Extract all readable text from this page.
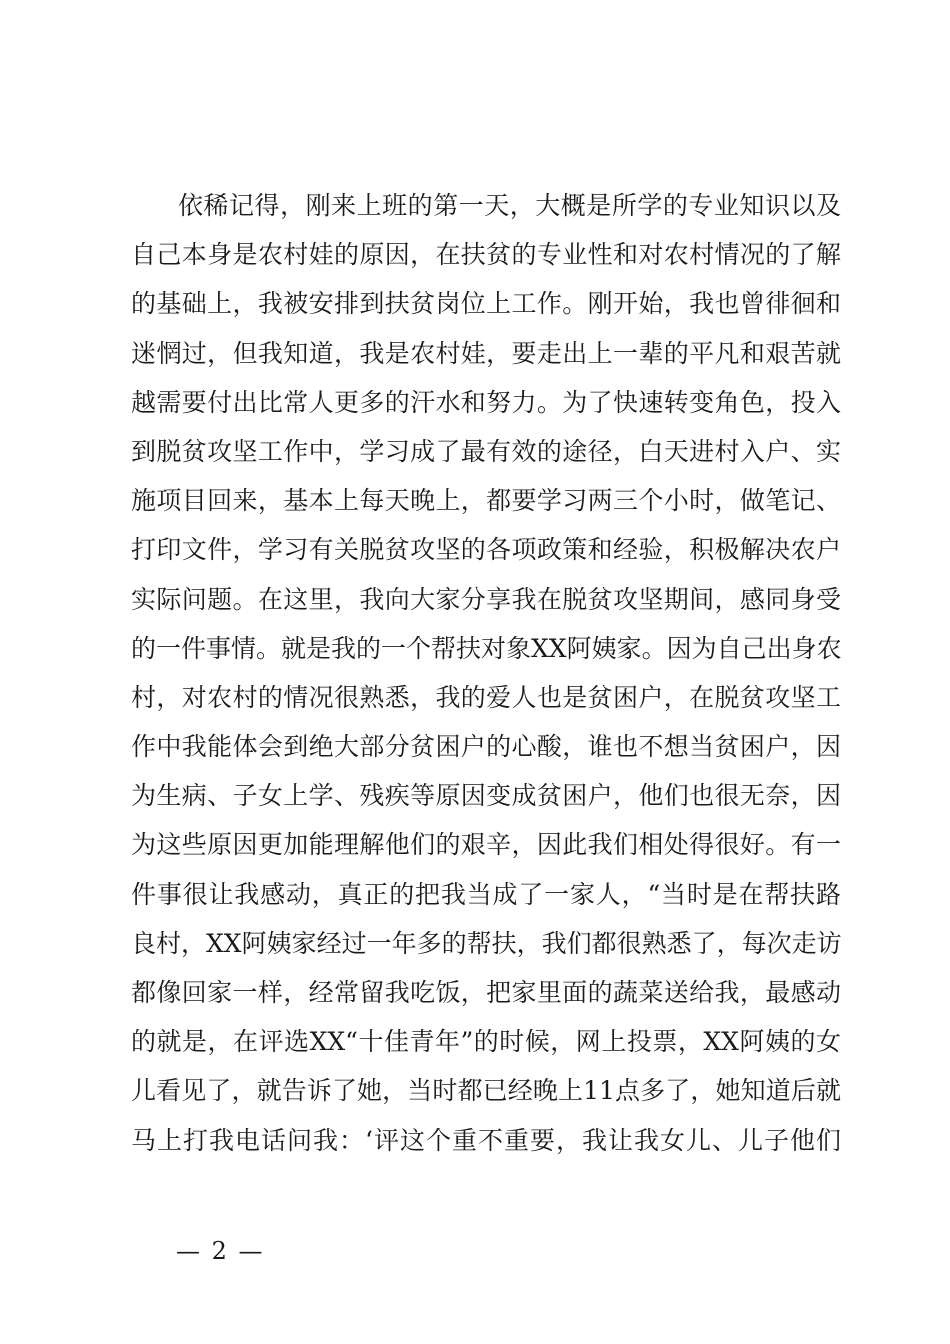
依稀记得，刚来上班的第一天，大概是所学的专业知识以及
自己本身是农村娃的原因，在扶贫的专业性和对农村情况的了解
的基础上，我被安排到扶贫岗位上工作。刚开始，我也曾徘徊和
迷惘过，但我知道，我是农村娃，要走出上一辈的平凡和艰苦就
越需要付出比常人更多的汗水和努力。为了快速转变角色，投入
到脱贫攻坚工作中，学习成了最有效的途径，白天进村入户、实
施项目回来，基本上每天晚上，都要学习两三个小时，做笔记、
打印文件，学习有关脱贫攻坚的各项政策和经验，积极解决农户
实际问题。在这里，我向大家分享我在脱贫攻坚期间，感同身受
的一件事情。就是我的一个帮扶对象XX阿姨家。因为自己出身农
村，对农村的情况很熟悉，我的爱人也是贫困户，在脱贫攻坚工
作中我能体会到绝大部分贫困户的心酸，谁也不想当贫困户，因
为生病、子女上学、残疾等原因变成贫困户，他们也很无奈，因
为这些原因更加能理解他们的艰辛，因此我们相处得很好。有一
件事很让我感动，真正的把我当成了一家人，“当时是在帮扶路
良村，XX阿姨家经过一年多的帮扶，我们都很熟悉了，每次走访
都像回家一样，经常留我吃饭，把家里面的蔬菜送给我，最感动
的就是，在评选XX“十佳青年”的时候，网上投票，XX阿姨的女
儿看见了，就告诉了她，当时都已经晚上11点多了，她知道后就
马上打我电话问我：‘评这个重不重要，我让我女儿、儿子他们
— 2 —
